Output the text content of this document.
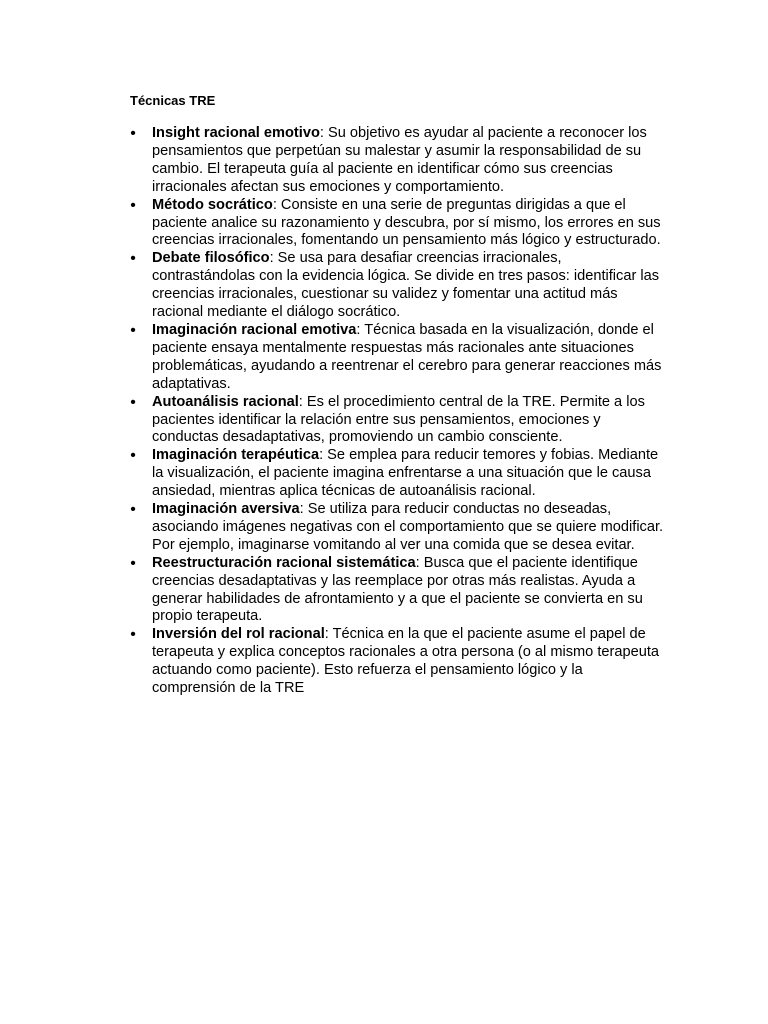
Técnicas TRE
• Insight racional emotivo: Su objetivo es ayudar al paciente a reconocer los pensamientos que perpetúan su malestar y asumir la responsabilidad de su cambio. El terapeuta guía al paciente en identificar cómo sus creencias irracionales afectan sus emociones y comportamiento.
• Método socrático: Consiste en una serie de preguntas dirigidas a que el paciente analice su razonamiento y descubra, por sí mismo, los errores en sus creencias irracionales, fomentando un pensamiento más lógico y estructurado.
• Debate filosófico: Se usa para desafiar creencias irracionales, contrastándolas con la evidencia lógica. Se divide en tres pasos: identificar las creencias irracionales, cuestionar su validez y fomentar una actitud más racional mediante el diálogo socrático.
• Imaginación racional emotiva: Técnica basada en la visualización, donde el paciente ensaya mentalmente respuestas más racionales ante situaciones problemáticas, ayudando a reentrenar el cerebro para generar reacciones más adaptativas.
• Autoanálisis racional: Es el procedimiento central de la TRE. Permite a los pacientes identificar la relación entre sus pensamientos, emociones y conductas desadaptativas, promoviendo un cambio consciente.
• Imaginación terapéutica: Se emplea para reducir temores y fobias. Mediante la visualización, el paciente imagina enfrentarse a una situación que le causa ansiedad, mientras aplica técnicas de autoanálisis racional.
• Imaginación aversiva: Se utiliza para reducir conductas no deseadas, asociando imágenes negativas con el comportamiento que se quiere modificar. Por ejemplo, imaginarse vomitando al ver una comida que se desea evitar.
• Reestructuración racional sistemática: Busca que el paciente identifique creencias desadaptativas y las reemplace por otras más realistas. Ayuda a generar habilidades de afrontamiento y a que el paciente se convierta en su propio terapeuta.
• Inversión del rol racional: Técnica en la que el paciente asume el papel de terapeuta y explica conceptos racionales a otra persona (o al mismo terapeuta actuando como paciente). Esto refuerza el pensamiento lógico y la comprensión de la TRE
